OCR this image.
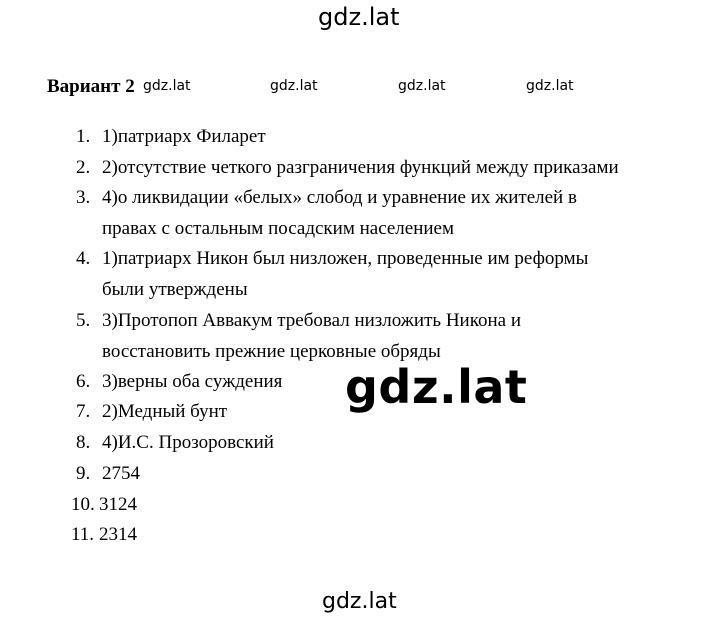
gdz.lat
Вариант 2 gdz.lat	gdz.lat	gdz.lat	gdz.lat
1. 1)патриарх Филарет
2. 2)отсутствие четкого разграничения функций между приказами
3. 4)о ликвидации «белых» слобод и уравнение их жителей в
правах с остальным посадским населением
4. 1)патриарх Никон был низложен, проведенные им реформы
были утверждены
5. 3)Протопоп Аввакум требовал низложить Никона и
восстановить прежние церковные обряды
6. 3)верны оба суждения
7. 2)Медный бунт
8. 4)И.С. Прозоровский
9. 2754
10. 3124
11. 2314
gdz.lat
gdz.lat
